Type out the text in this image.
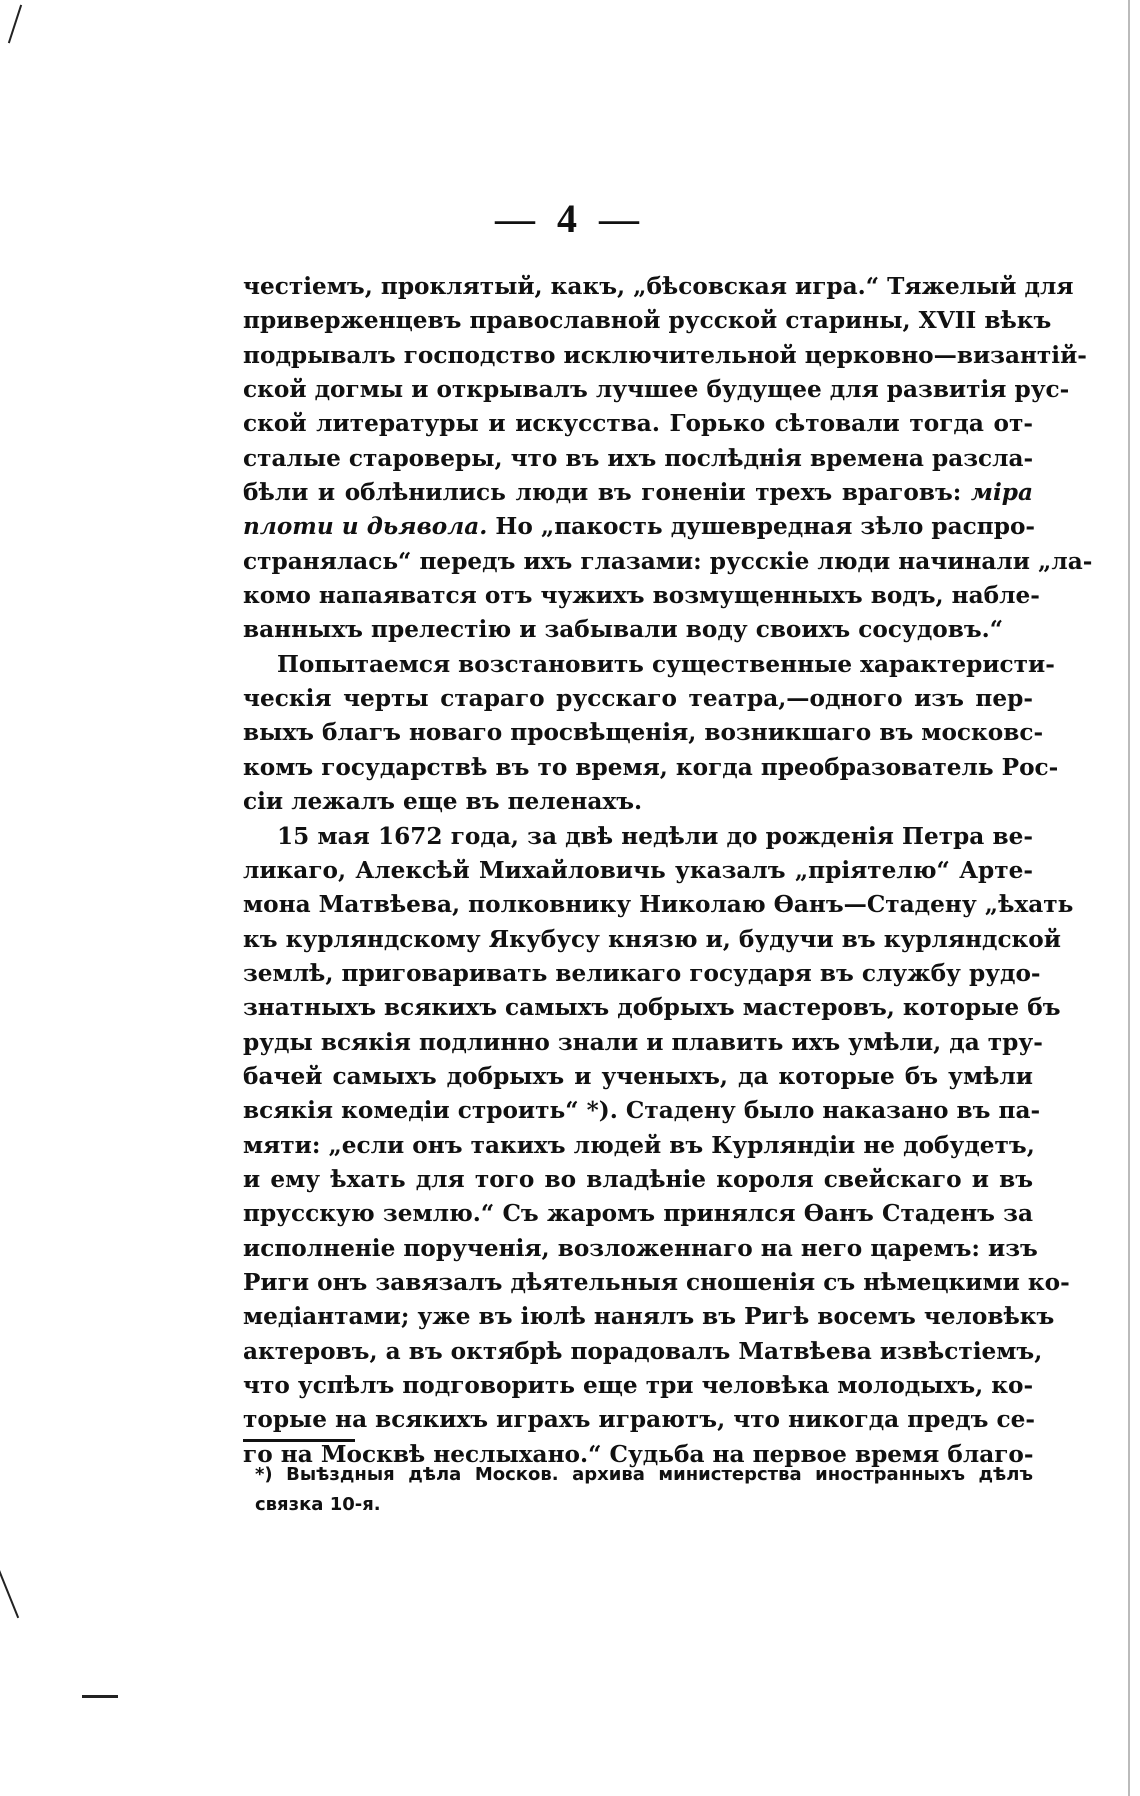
— 4 —
честіемъ, проклятый, какъ, „бѣсовская игра.“ Тяжелый для
приверженцевъ православной русской старины, XVII вѣкъ
подрывалъ господство исключительной церковно—византій-
ской догмы и открывалъ лучшее будущее для развитія рус-
ской литературы и искусства. Горько сѣтовали тогда от-
сталые староверы, что въ ихъ послѣднія времена разсла-
бѣли и облѣнились люди въ гоненіи трехъ враговъ: міра
плоти и дьявола. Но „пакость душевредная зѣло распро-
странялась“ передъ ихъ глазами: русскіе люди начинали „ла-
комо напаяватся отъ чужихъ возмущенныхъ водъ, набле-
ванныхъ прелестію и забывали воду своихъ сосудовъ.“
Попытаемся возстановить существенные характеристи-
ческія черты стараго русскаго театра,—одного изъ пер-
выхъ благъ новаго просвѣщенія, возникшаго въ московс-
комъ государствѣ въ то время, когда преобразователь Рос-
сіи лежалъ еще въ пеленахъ.
15 мая 1672 года, за двѣ недѣли до рожденія Петра ве-
ликаго, Алексѣй Михайловичь указалъ „пріятелю“ Арте-
мона Матвѣева, полковнику Николаю Ѳанъ—Стадену „ѣхать
къ курляндскому Якубусу князю и, будучи въ курляндской
землѣ, приговаривать великаго государя въ службу рудо-
знатныхъ всякихъ самыхъ добрыхъ мастеровъ, которые бъ
руды всякія подлинно знали и плавить ихъ умѣли, да тру-
бачей самыхъ добрыхъ и ученыхъ, да которые бъ умѣли
всякія комедіи строить“ *). Стадену было наказано въ па-
мяти: „если онъ такихъ людей въ Курляндіи не добудетъ,
и ему ѣхать для того во владѣніе короля свейскаго и въ
прусскую землю.“ Съ жаромъ принялся Ѳанъ Стаденъ за
исполненіе порученія, возложеннаго на него царемъ: изъ
Риги онъ завязалъ дѣятельныя сношенія съ нѣмецкими ко-
медіантами; уже въ іюлѣ нанялъ въ Ригѣ восемъ человѣкъ
актеровъ, а въ октябрѣ порадовалъ Матвѣева извѣстіемъ,
что успѣлъ подговорить еще три человѣка молодыхъ, ко-
торые на всякихъ играхъ играютъ, что никогда предъ се-
го на Москвѣ неслыхано.“ Судьба на первое время благо-
*) Выѣздныя дѣла Москов. архива министерства иностранныхъ дѣлъ
связка 10-я.
